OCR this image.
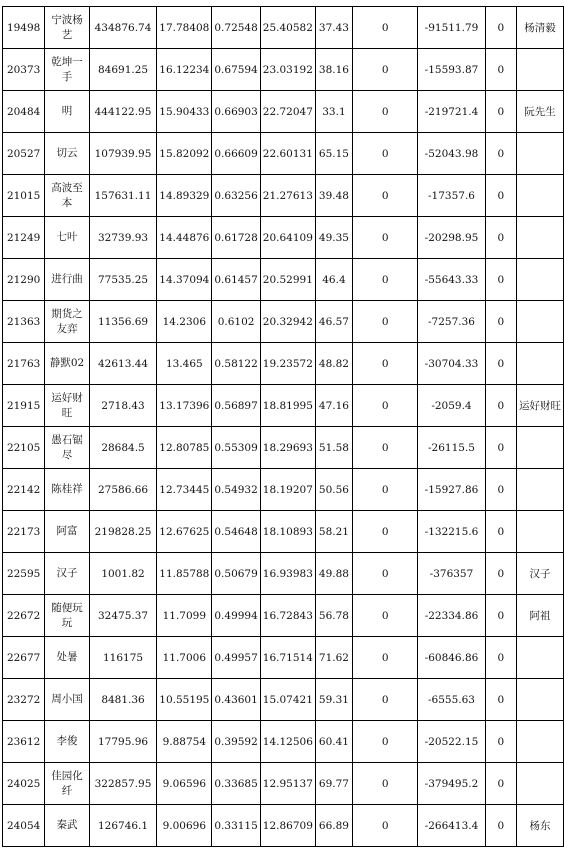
19498	宁波杨艺	434876.74	17.78408	0.72548	25.40582	37.43	0	-91511.79	0	杨清毅
20373	乾坤一手	84691.25	16.12234	0.67594	23.03192	38.16	0	-15593.87	0	
20484	明	444122.95	15.90433	0.66903	22.72047	33.1	0	-219721.4	0	阮先生
20527	切云	107939.95	15.82092	0.66609	22.60131	65.15	0	-52043.98	0	
21015	高波至本	157631.11	14.89329	0.63256	21.27613	39.48	0	-17357.6	0	
21249	七叶	32739.93	14.44876	0.61728	20.64109	49.35	0	-20298.95	0	
21290	进行曲	77535.25	14.37094	0.61457	20.52991	46.4	0	-55643.33	0	
21363	期货之友弈	11356.69	14.2306	0.6102	20.32942	46.57	0	-7257.36	0	
21763	静默02	42613.44	13.465	0.58122	19.23572	48.82	0	-30704.33	0	
21915	运好财旺	2718.43	13.17396	0.56897	18.81995	47.16	0	-2059.4	0	运好财旺
22105	愚石锯尽	28684.5	12.80785	0.55309	18.29693	51.58	0	-26115.5	0	
22142	陈桂祥	27586.66	12.73445	0.54932	18.19207	50.56	0	-15927.86	0	
22173	阿富	219828.25	12.67625	0.54648	18.10893	58.21	0	-132215.6	0	
22595	汉子	1001.82	11.85788	0.50679	16.93983	49.88	0	-376357	0	汉子
22672	随便玩玩	32475.37	11.7099	0.49994	16.72843	56.78	0	-22334.86	0	阿祖
22677	处暑	116175	11.7006	0.49957	16.71514	71.62	0	-60846.86	0	
23272	周小国	8481.36	10.55195	0.43601	15.07421	59.31	0	-6555.63	0	
23612	李俊	17795.96	9.88754	0.39592	14.12506	60.41	0	-20522.15	0	
24025	佳园化纤	322857.95	9.06596	0.33685	12.95137	69.77	0	-379495.2	0	
24054	秦武	126746.1	9.00696	0.33115	12.86709	66.89	0	-266413.4	0	杨东
